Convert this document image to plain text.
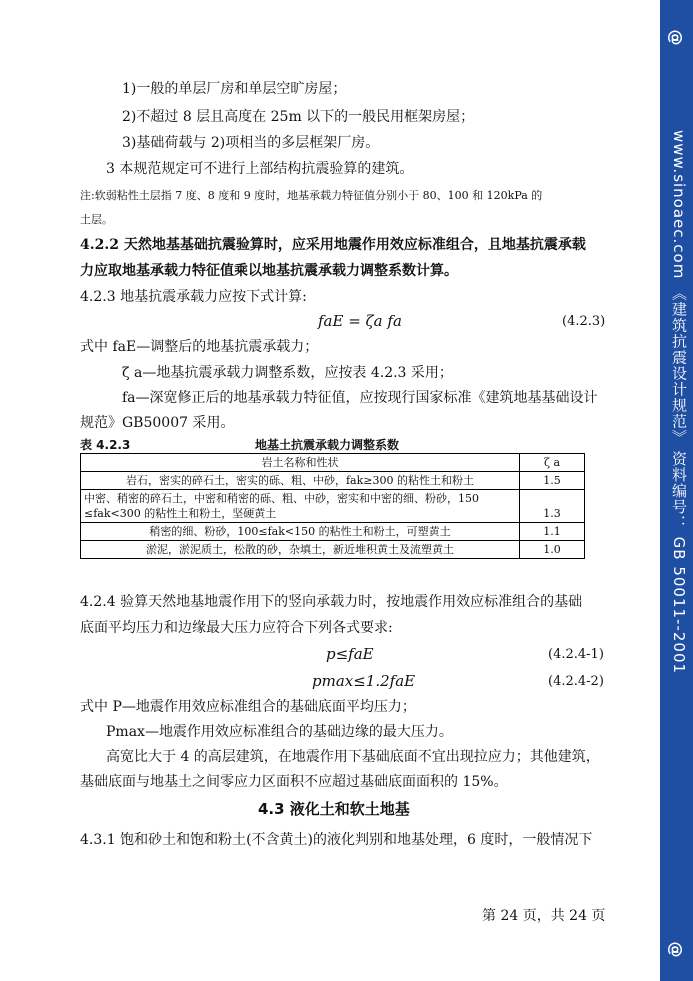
1)一般的单层厂房和单层空旷房屋；
2)不超过 8 层且高度在 25m 以下的一般民用框架房屋；
3)基础荷载与 2)项相当的多层框架厂房。
3 本规范规定可不进行上部结构抗震验算的建筑。
注:软弱粘性土层指 7 度、8 度和 9 度时，地基承载力特征值分别小于 80、100 和 120kPa 的
土层。
4.2.2 天然地基基础抗震验算时，应采用地震作用效应标准组合，且地基抗震承载
力应取地基承载力特征值乘以地基抗震承载力调整系数计算。
4.2.3 地基抗震承载力应按下式计算:
faE = ζa fa	(4.2.3)
式中 faE—调整后的地基抗震承载力；
ζ a—地基抗震承载力调整系数，应按表 4.2.3 采用；
fa—深宽修正后的地基承载力特征值，应按现行国家标准《建筑地基基础设计
规范》GB50007 采用。
表 4.2.3	地基土抗震承载力调整系数
岩土名称和性状	ζ a
岩石，密实的碎石土，密实的砾、粗、中砂，fak≥300 的粘性土和粉土	1.5
中密、稍密的碎石土，中密和稍密的砾、粗、中砂，密实和中密的细、粉砂，150 ≤fak<300 的粘性土和粉土，坚硬黄土	1.3
稍密的细、粉砂，100≤fak<150 的粘性土和粉土，可塑黄土	1.1
淤泥，淤泥质土，松散的砂，杂填土，新近堆积黄土及流塑黄土	1.0
4.2.4 验算天然地基地震作用下的竖向承载力时，按地震作用效应标准组合的基础
底面平均压力和边缘最大压力应符合下列各式要求:
p≤faE	(4.2.4-1)
pmax≤1.2faE	(4.2.4-2)
式中 P—地震作用效应标准组合的基础底面平均压力；
Pmax—地震作用效应标准组合的基础边缘的最大压力。
高宽比大于 4 的高层建筑，在地震作用下基础底面不宜出现拉应力；其他建筑，
基础底面与地基土之间零应力区面积不应超过基础底面面积的 15%。
4.3 液化土和软土地基
4.3.1 饱和砂土和饱和粉土(不含黄土)的液化判别和地基处理，6 度时，一般情况下
第 24 页，共 24 页
@
www.sinoaec.com 《建筑抗震设计规范》 资料编号： GB 50011--2001
@
